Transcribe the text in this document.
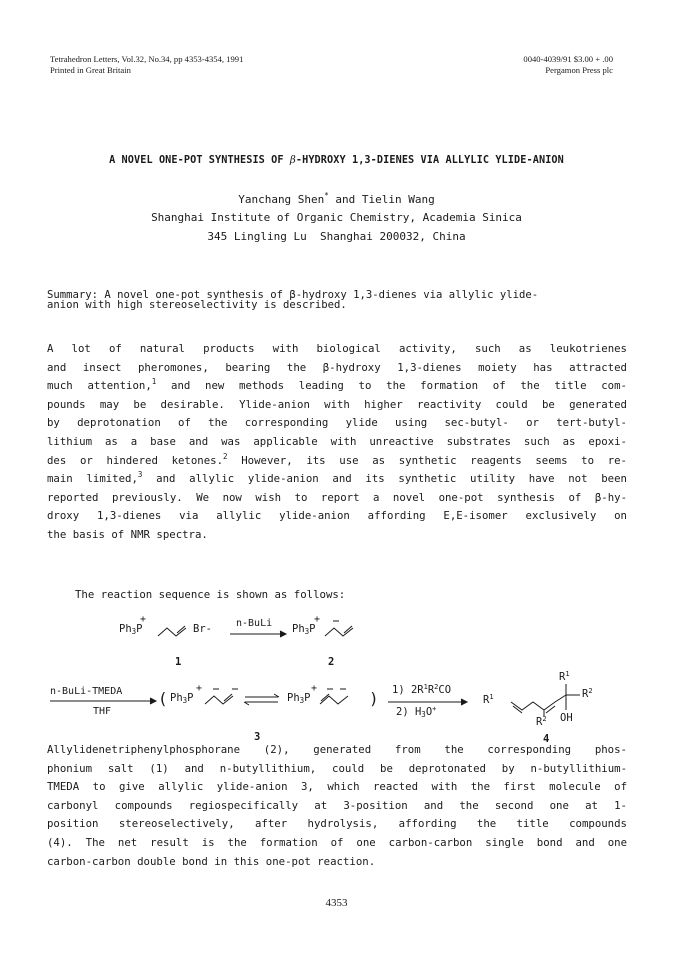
Tetrahedron Letters, Vol.32, No.34, pp 4353-4354, 1991
Printed in Great Britain
0040-4039/91 $3.00 + .00
Pergamon Press plc
A NOVEL ONE-POT SYNTHESIS OF β-HYDROXY 1,3-DIENES VIA ALLYLIC YLIDE-ANION
Yanchang Shen* and Tielin Wang
Shanghai Institute of Organic Chemistry, Academia Sinica
345 Lingling Lu  Shanghai 200032, China
Summary: A novel one-pot synthesis of β-hydroxy 1,3-dienes via allylic ylide-
anion with high stereoselectivity is described.
A lot of natural products with biological activity, such as leukotrienes
and insect pheromones, bearing the β-hydroxy 1,3-dienes moiety has attracted
much attention,$^1$ and new methods leading to the formation of the title com-
pounds may be desirable. Ylide-anion with higher reactivity could be generated
by deprotonation of the corresponding ylide using sec-butyl- or tert-butyl-
lithium as a base and was applicable with unreactive substrates such as epoxi-
des or hindered ketones.$^2$ However, its use as synthetic reagents seems to re-
main limited,$^3$ and allylic ylide-anion and its synthetic utility have not been
reported previously. We now wish to report a novel one-pot synthesis of β-hy-
droxy 1,3-dienes via allylic ylide-anion affording E,E-isomer exclusively on
the basis of NMR spectra.
The reaction sequence is shown as follows:
$Ph_3P$
+
Br- n-BuLi $Ph_3P$
+
1	2
n-BuLi-TMEDA
THF
( $Ph_3P$
+
$Ph_3P$
+
) 1) $2R^1R^2CO$
2) $H_3O^+$
$R^1$
$R^1$
$R^2$
$R^2$ OH
3	4
Allylidenetriphenylphosphorane (2), generated from the corresponding phos-
phonium salt (1) and n-butyllithium, could be deprotonated by n-butyllithium-
TMEDA to give allylic ylide-anion 3, which reacted with the first molecule of
carbonyl compounds regiospecifically at 3-position and the second one at 1-
position stereoselectively, after hydrolysis, affording the title compounds
(4). The net result is the formation of one carbon-carbon single bond and one
carbon-carbon double bond in this one-pot reaction.
4353
